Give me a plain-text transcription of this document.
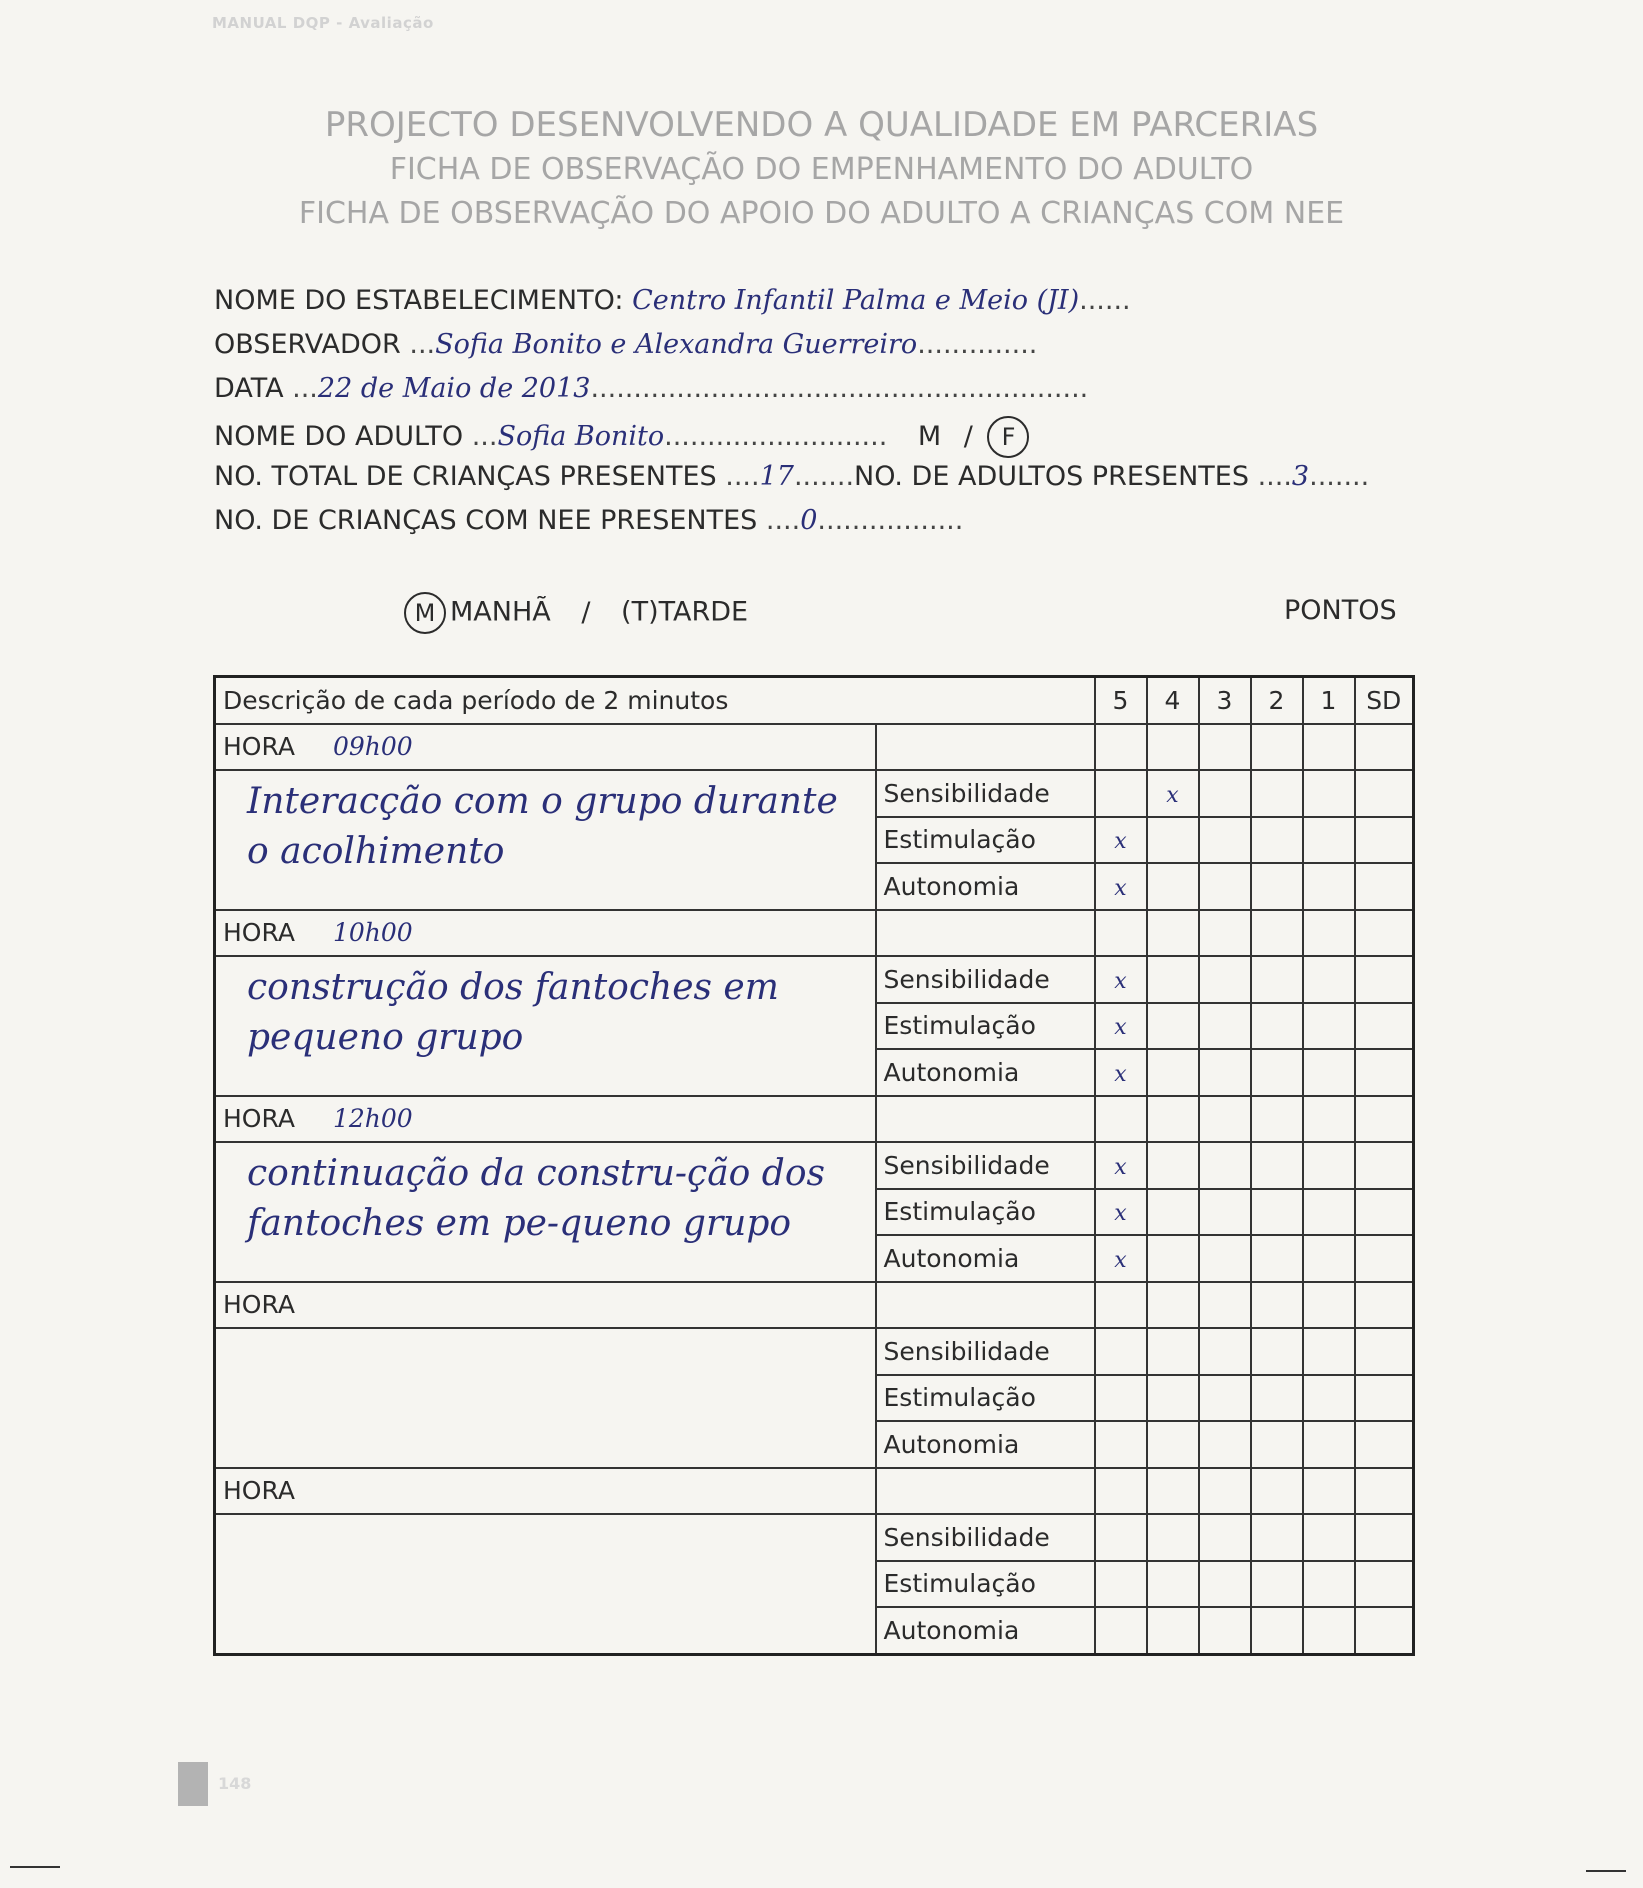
MANUAL DQP - Avaliação
PROJECTO DESENVOLVENDO A QUALIDADE EM PARCERIAS
FICHA DE OBSERVAÇÃO DO EMPENHAMENTO DO ADULTO
FICHA DE OBSERVAÇÃO DO APOIO DO ADULTO A CRIANÇAS COM NEE
NOME DO ESTABELECIMENTO: Centro Infantil Palma e Meio (JI)......
OBSERVADOR ...Sofia Bonito e Alexandra Guerreiro..............
DATA ...22 de Maio de 2013..........................................................
NOME DO ADULTO ...Sofia Bonito.......................... M / F
NO. TOTAL DE CRIANÇAS PRESENTES ....17.......NO. DE ADULTOS PRESENTES ....3.......
NO. DE CRIANÇAS COM NEE PRESENTES ....0.................
M MANHÃ / (T)TARDE	PONTOS
Descrição de cada período de 2 minutos		5	4	3	2	1	SD
HORA 09h00							

Interacção com o grupo durante o acolhimento	Sensibilidade		x				
	Estimulação	x					
	Autonomia	x					
HORA 10h00							

construção dos fantoches em pequeno grupo	Sensibilidade	x					
	Estimulação	x					
	Autonomia	x					
HORA 12h00							

continuação da constru-ção dos fantoches em pe-queno grupo	Sensibilidade	x					
	Estimulação	x					
	Autonomia	x					
HORA							

	Sensibilidade						
	Estimulação						
	Autonomia						
HORA							

	Sensibilidade						
	Estimulação						
	Autonomia						
148
